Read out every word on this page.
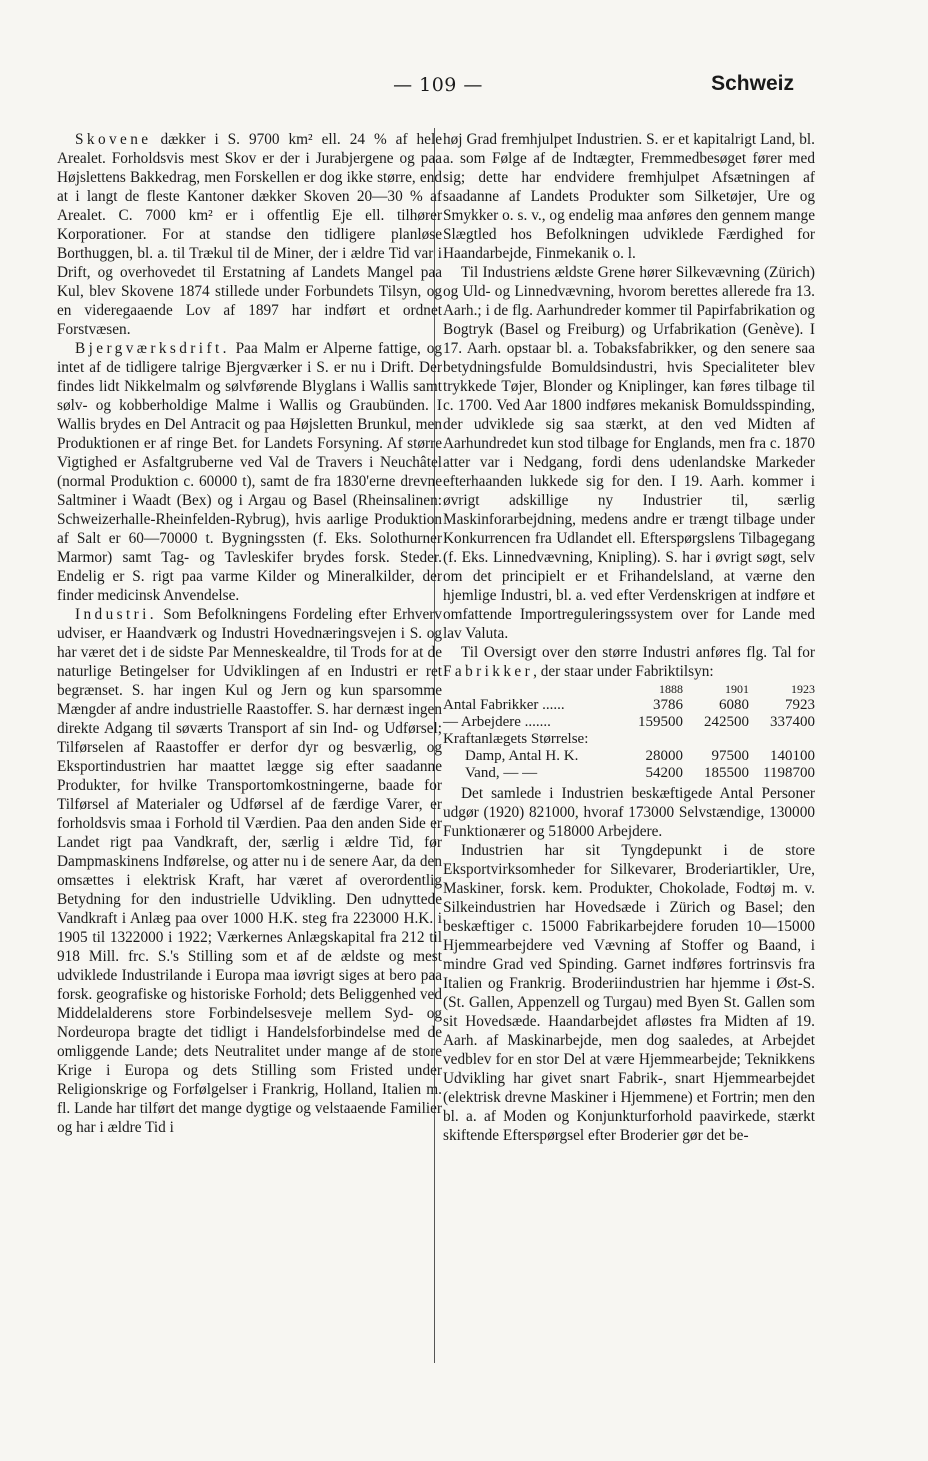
— 109 —	Schweiz

Skovene dækker i S. 9700 km² ell. 24 % af hele Arealet. Forholdsvis mest Skov er der i Jurabjergene og paa Højslettens Bakkedrag, men Forskellen er dog ikke større, end at i langt de fleste Kantoner dækker Skoven 20—30 % af Arealet. C. 7000 km² er i offentlig Eje ell. tilhører Korporationer. For at standse den tidligere planløse Borthuggen, bl. a. til Trækul til de Miner, der i ældre Tid var i Drift, og overhovedet til Erstatning af Landets Mangel paa Kul, blev Skovene 1874 stillede under Forbundets Tilsyn, og en videregaaende Lov af 1897 har indført et ordnet Forstvæsen.

Bjergværksdrift. Paa Malm er Alperne fattige, og intet af de tidligere talrige Bjergværker i S. er nu i Drift. Der findes lidt Nikkelmalm og sølvførende Blyglans i Wallis samt sølv- og kobberholdige Malme i Wallis og Graubünden. I Wallis brydes en Del Antracit og paa Højsletten Brunkul, men Produktionen er af ringe Bet. for Landets Forsyning. Af større Vigtighed er Asfaltgruberne ved Val de Travers i Neuchâtel (normal Produktion c. 60000 t), samt de fra 1830'erne drevne Saltminer i Waadt (Bex) og i Argau og Basel (Rheinsalinen: Schweizerhalle-Rheinfelden-Rybrug), hvis aarlige Produktion af Salt er 60—70000 t. Bygningssten (f. Eks. Solothurner Marmor) samt Tag- og Tavleskifer brydes forsk. Steder. Endelig er S. rigt paa varme Kilder og Mineralkilder, der finder medicinsk Anvendelse.

Industri. Som Befolkningens Fordeling efter Erhverv udviser, er Haandværk og Industri Hovednæringsvejen i S. og har været det i de sidste Par Menneskealdre, til Trods for at de naturlige Betingelser for Udviklingen af en Industri er ret begrænset. S. har ingen Kul og Jern og kun sparsomme Mængder af andre industrielle Raastoffer. S. har dernæst ingen direkte Adgang til søværts Transport af sin Ind- og Udførsel; Tilførselen af Raastoffer er derfor dyr og besværlig, og Eksportindustrien har maattet lægge sig efter saadanne Produkter, for hvilke Transportomkostningerne, baade for Tilførsel af Materialer og Udførsel af de færdige Varer, er forholdsvis smaa i Forhold til Værdien. Paa den anden Side er Landet rigt paa Vandkraft, der, særlig i ældre Tid, før Dampmaskinens Indførelse, og atter nu i de senere Aar, da den omsættes i elektrisk Kraft, har været af overordentlig Betydning for den industrielle Udvikling. Den udnyttede Vandkraft i Anlæg paa over 1000 H.K. steg fra 223000 H.K. i 1905 til 1322000 i 1922; Værkernes Anlægskapital fra 212 til 918 Mill. frc. S.'s Stilling som et af de ældste og mest udviklede Industrilande i Europa maa iøvrigt siges at bero paa forsk. geografiske og historiske Forhold; dets Beliggenhed ved Middelalderens store Forbindelsesveje mellem Syd- og Nordeuropa bragte det tidligt i Handelsforbindelse med de omliggende Lande; dets Neutralitet under mange af de store Krige i Europa og dets Stilling som Fristed under Religionskrige og Forfølgelser i Frankrig, Holland, Italien m. fl. Lande har tilført det mange dygtige og velstaaende Familier og har i ældre Tid i

høj Grad fremhjulpet Industrien. S. er et kapitalrigt Land, bl. a. som Følge af de Indtægter, Fremmedbesøget fører med sig; dette har endvidere fremhjulpet Afsætningen af saadanne af Landets Produkter som Silketøjer, Ure og Smykker o. s. v., og endelig maa anføres den gennem mange Slægtled hos Befolkningen udviklede Færdighed for Haandarbejde, Finmekanik o. l.

Til Industriens ældste Grene hører Silkevævning (Zürich) og Uld- og Linnedvævning, hvorom berettes allerede fra 13. Aarh.; i de flg. Aarhundreder kommer til Papirfabrikation og Bogtryk (Basel og Freiburg) og Urfabrikation (Genève). I 17. Aarh. opstaar bl. a. Tobaksfabrikker, og den senere saa betydningsfulde Bomuldsindustri, hvis Specialiteter blev trykkede Tøjer, Blonder og Kniplinger, kan føres tilbage til c. 1700. Ved Aar 1800 indføres mekanisk Bomuldsspinding, der udviklede sig saa stærkt, at den ved Midten af Aarhundredet kun stod tilbage for Englands, men fra c. 1870 atter var i Nedgang, fordi dens udenlandske Markeder efterhaanden lukkede sig for den. I 19. Aarh. kommer i øvrigt adskillige ny Industrier til, særlig Maskinforarbejdning, medens andre er trængt tilbage under Konkurrencen fra Udlandet ell. Efterspørgslens Tilbagegang (f. Eks. Linnedvævning, Knipling). S. har i øvrigt søgt, selv om det principielt er et Frihandelsland, at værne den hjemlige Industri, bl. a. ved efter Verdenskrigen at indføre et omfattende Importreguleringssystem over for Lande med lav Valuta.

Til Oversigt over den større Industri anføres flg. Tal for Fabrikker, der staar under Fabriktilsyn:

	1888	1901	1923
Antal Fabrikker ......	3786	6080	7923
— Arbejdere .......	159500	242500	337400
Kraftanlægets Størrelse:			
Damp, Antal H. K.	28000	97500	140100
Vand, — —	54200	185500	1198700

Det samlede i Industrien beskæftigede Antal Personer udgør (1920) 821000, hvoraf 173000 Selvstændige, 130000 Funktionærer og 518000 Arbejdere.

Industrien har sit Tyngdepunkt i de store Eksportvirksomheder for Silkevarer, Broderiartikler, Ure, Maskiner, forsk. kem. Produkter, Chokolade, Fodtøj m. v. Silkeindustrien har Hovedsæde i Zürich og Basel; den beskæftiger c. 15000 Fabrikarbejdere foruden 10—15000 Hjemmearbejdere ved Vævning af Stoffer og Baand, i mindre Grad ved Spinding. Garnet indføres fortrinsvis fra Italien og Frankrig. Broderiindustrien har hjemme i Øst-S. (St. Gallen, Appenzell og Turgau) med Byen St. Gallen som sit Hovedsæde. Haandarbejdet afløstes fra Midten af 19. Aarh. af Maskinarbejde, men dog saaledes, at Arbejdet vedblev for en stor Del at være Hjemmearbejde; Teknikkens Udvikling har givet snart Fabrik-, snart Hjemmearbejdet (elektrisk drevne Maskiner i Hjemmene) et Fortrin; men den bl. a. af Moden og Konjunkturforhold paavirkede, stærkt skiftende Efterspørgsel efter Broderier gør det be-
